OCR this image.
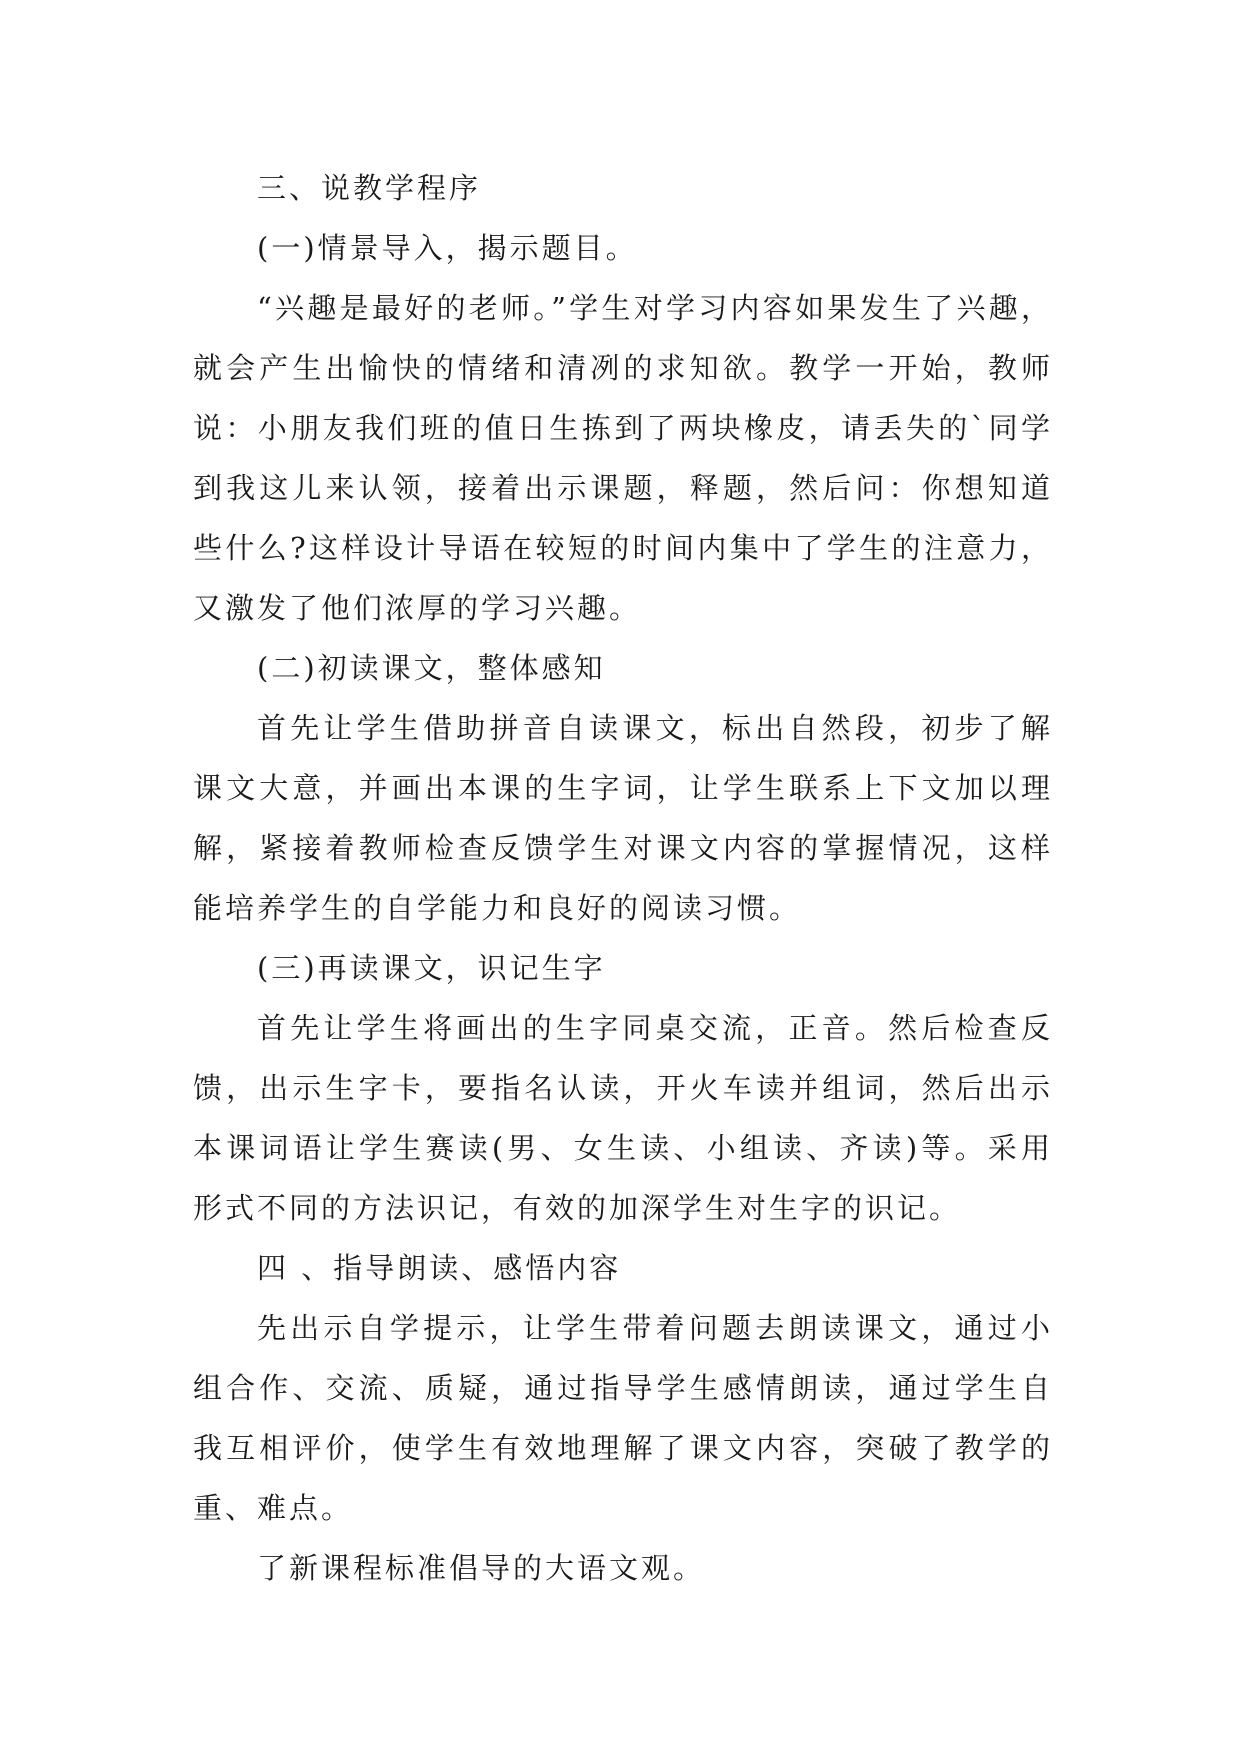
三、说教学程序

(一)情景导入，揭示题目。

“兴趣是最好的老师。”学生对学习内容如果发生了兴趣，就会产生出愉快的情绪和清冽的求知欲。教学一开始，教师说：小朋友我们班的值日生拣到了两块橡皮，请丢失的`同学到我这儿来认领，接着出示课题，释题，然后问：你想知道些什么?这样设计导语在较短的时间内集中了学生的注意力，又激发了他们浓厚的学习兴趣。

(二)初读课文，整体感知

首先让学生借助拼音自读课文，标出自然段，初步了解课文大意，并画出本课的生字词，让学生联系上下文加以理解，紧接着教师检查反馈学生对课文内容的掌握情况，这样能培养学生的自学能力和良好的阅读习惯。

(三)再读课文，识记生字

首先让学生将画出的生字同桌交流，正音。然后检查反馈，出示生字卡，要指名认读，开火车读并组词，然后出示本课词语让学生赛读(男、女生读、小组读、齐读)等。采用形式不同的方法识记，有效的加深学生对生字的识记。

四 、指导朗读、感悟内容

先出示自学提示，让学生带着问题去朗读课文，通过小组合作、交流、质疑，通过指导学生感情朗读，通过学生自我互相评价，使学生有效地理解了课文内容，突破了教学的重、难点。

了新课程标准倡导的大语文观。
